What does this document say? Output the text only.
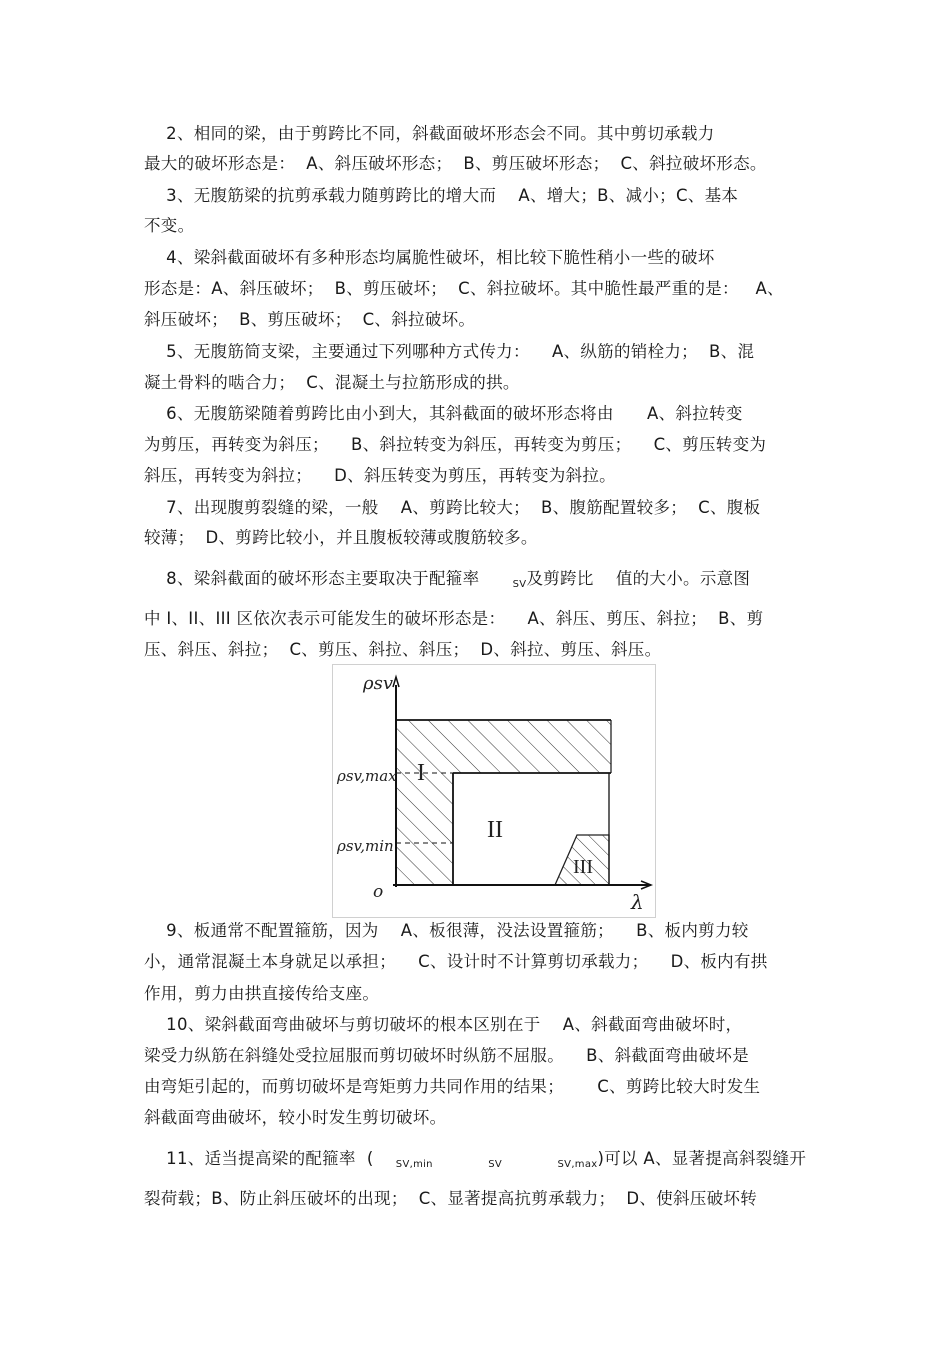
2、相同的梁，由于剪跨比不同，斜截面破坏形态会不同。其中剪切承载力
最大的破坏形态是：  A、斜压破坏形态；  B、剪压破坏形态；  C、斜拉破坏形态。
3、无腹筋梁的抗剪承载力随剪跨比的增大而    A、增大；B、减小；C、基本
不变。
4、梁斜截面破坏有多种形态均属脆性破坏，相比较下脆性稍小一些的破坏
形态是：A、斜压破坏；  B、剪压破坏；  C、斜拉破坏。其中脆性最严重的是：   A、
斜压破坏；  B、剪压破坏；  C、斜拉破坏。
5、无腹筋简支梁，主要通过下列哪种方式传力：    A、纵筋的销栓力；  B、混
凝土骨料的啮合力；  C、混凝土与拉筋形成的拱。
6、无腹筋梁随着剪跨比由小到大，其斜截面的破坏形态将由      A、斜拉转变
为剪压，再转变为斜压；    B、斜拉转变为斜压，再转变为剪压；    C、剪压转变为
斜压，再转变为斜拉；    D、斜压转变为剪压，再转变为斜拉。
7、出现腹剪裂缝的梁，一般    A、剪跨比较大；  B、腹筋配置较多；  C、腹板
较薄；  D、剪跨比较小，并且腹板较薄或腹筋较多。
8、梁斜截面的破坏形态主要取决于配箍率      SV及剪跨比    值的大小。示意图
中 I、II、III 区依次表示可能发生的破坏形态是：    A、斜压、剪压、斜拉；  B、剪
压、斜压、斜拉；  C、剪压、斜拉、斜压；  D、斜拉、剪压、斜压。
ρsv
ρsv,max
ρsv,min
o	λ
I
II
III
9、板通常不配置箍筋，因为    A、板很薄，没法设置箍筋；    B、板内剪力较
小，通常混凝土本身就足以承担；    C、设计时不计算剪切承载力；    D、板内有拱
作用，剪力由拱直接传给支座。
10、梁斜截面弯曲破坏与剪切破坏的根本区别在于    A、斜截面弯曲破坏时，
梁受力纵筋在斜缝处受拉屈服而剪切破坏时纵筋不屈服。    B、斜截面弯曲破坏是
由弯矩引起的，而剪切破坏是弯矩剪力共同作用的结果；      C、剪跨比较大时发生
斜截面弯曲破坏，较小时发生剪切破坏。
11、适当提高梁的配箍率  (    SV,min	SV	SV,max)可以 A、显著提高斜裂缝开
裂荷载；B、防止斜压破坏的出现；  C、显著提高抗剪承载力；  D、使斜压破坏转
